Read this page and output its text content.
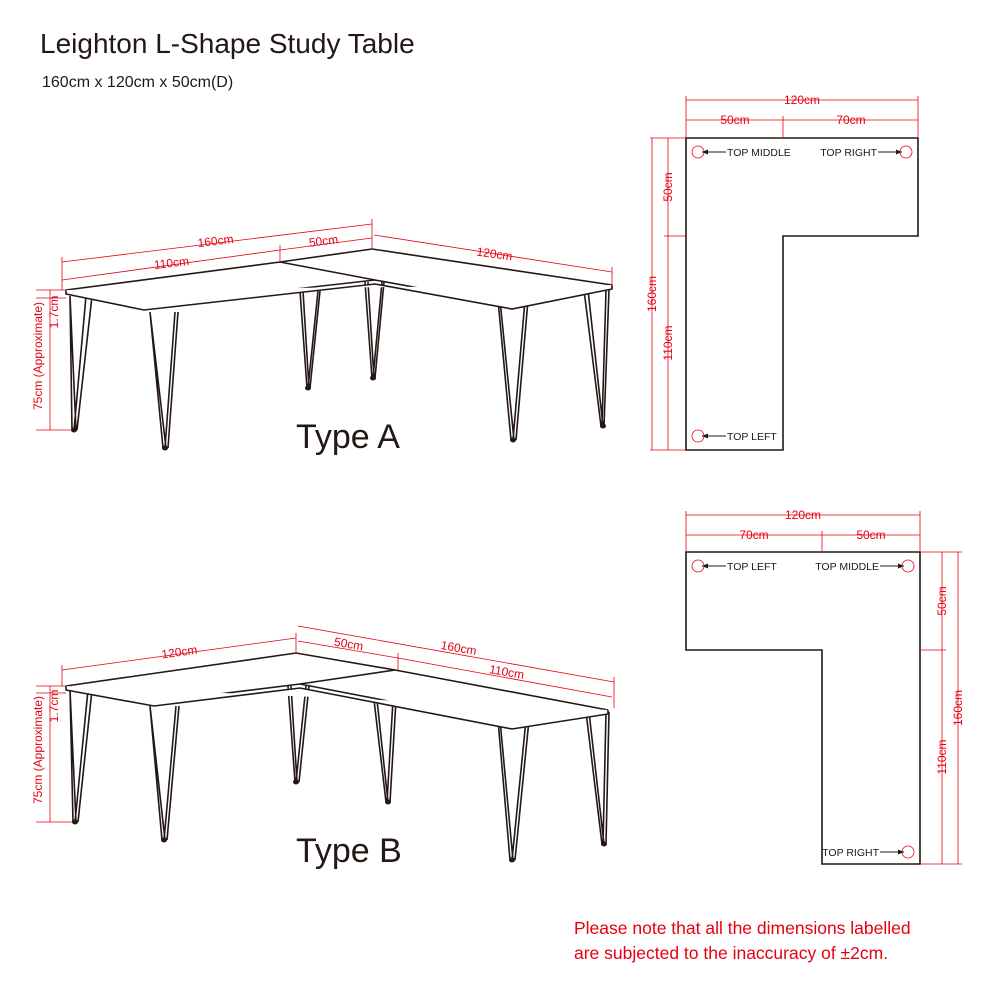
Leighton L-Shape Study Table
160cm x 120cm x 50cm(D)
160cm
110cm
50cm
120cm
1.7cm
75cm (Approximate)
120cm
50cm	70cm
50cm
110cm
160cm
TOP MIDDLE	TOP RIGHT
TOP LEFT
120cm	50cm	160cm
110cm
1.7cm
75cm (Approximate)
120cm
70cm	50cm
50cm
110cm
160cm
TOP LEFT	TOP MIDDLE
TOP RIGHT
Type A
Type B
Please note that all the dimensions labelled
are subjected to the inaccuracy of ±2cm.
